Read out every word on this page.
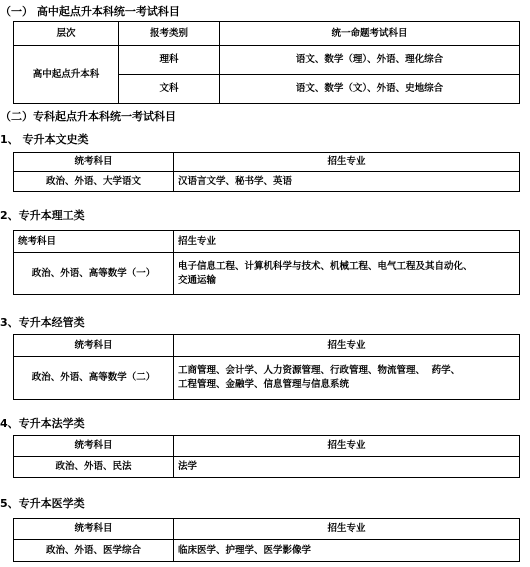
（一） 高中起点升本科统一考试科目
层次	报考类别	统一命题考试科目
高中起点升本科	理科	语文、数学（理）、外语、理化综合
	文科	语文、数学（文）、外语、史地综合
（二）专科起点升本科统一考试科目
1、 专升本文史类
统考科目	招生专业
政治、外语、大学语文	汉语言文学、秘书学、英语
2、专升本理工类
统考科目	招生专业
政治、外语、高等数学（一）	电子信息工程、计算机科学与技术、机械工程、电气工程及其自动化、
交通运输
3、专升本经管类
统考科目	招生专业
政治、外语、高等数学（二）	工商管理、会计学、人力资源管理、行政管理、物流管理、  药学、
工程管理、金融学、信息管理与信息系统
4、专升本法学类
统考科目	招生专业
政治、外语、民法	法学
5、专升本医学类
统考科目	招生专业
政治、外语、医学综合	临床医学、护理学、医学影像学
